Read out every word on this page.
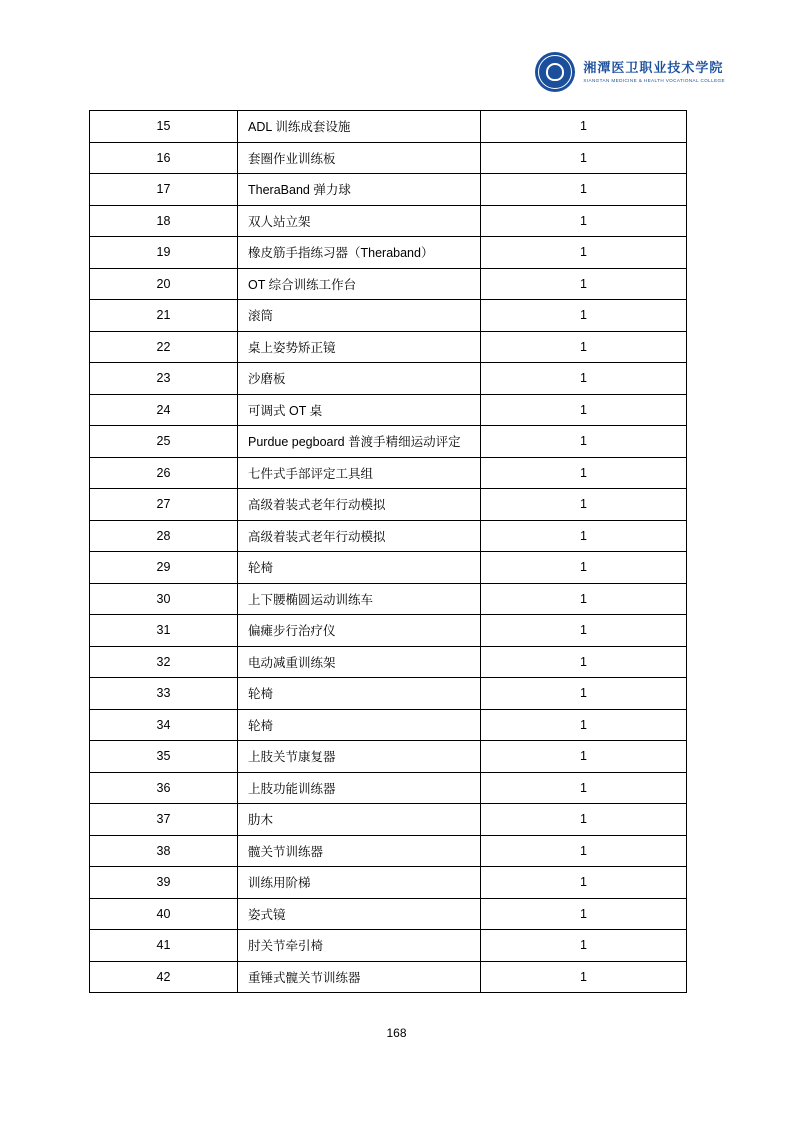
湘潭医卫职业技术学院
XIANGTAN MEDICINE & HEALTH VOCATIONAL COLLEGE
15	ADL 训练成套设施	1
16	套圈作业训练板	1
17	TheraBand 弹力球	1
18	双人站立架	1
19	橡皮筋手指练习器（Theraband）	1
20	OT 综合训练工作台	1
21	滚筒	1
22	桌上姿势矫正镜	1
23	沙磨板	1
24	可调式 OT 桌	1
25	Purdue pegboard 普渡手精细运动评定	1
26	七件式手部评定工具组	1
27	高级着装式老年行动模拟	1
28	高级着装式老年行动模拟	1
29	轮椅	1
30	上下腰椭圆运动训练车	1
31	偏瘫步行治疗仪	1
32	电动减重训练架	1
33	轮椅	1
34	轮椅	1
35	上肢关节康复器	1
36	上肢功能训练器	1
37	肋木	1
38	髋关节训练器	1
39	训练用阶梯	1
40	姿式镜	1
41	肘关节牵引椅	1
42	重锤式髋关节训练器	1
168
